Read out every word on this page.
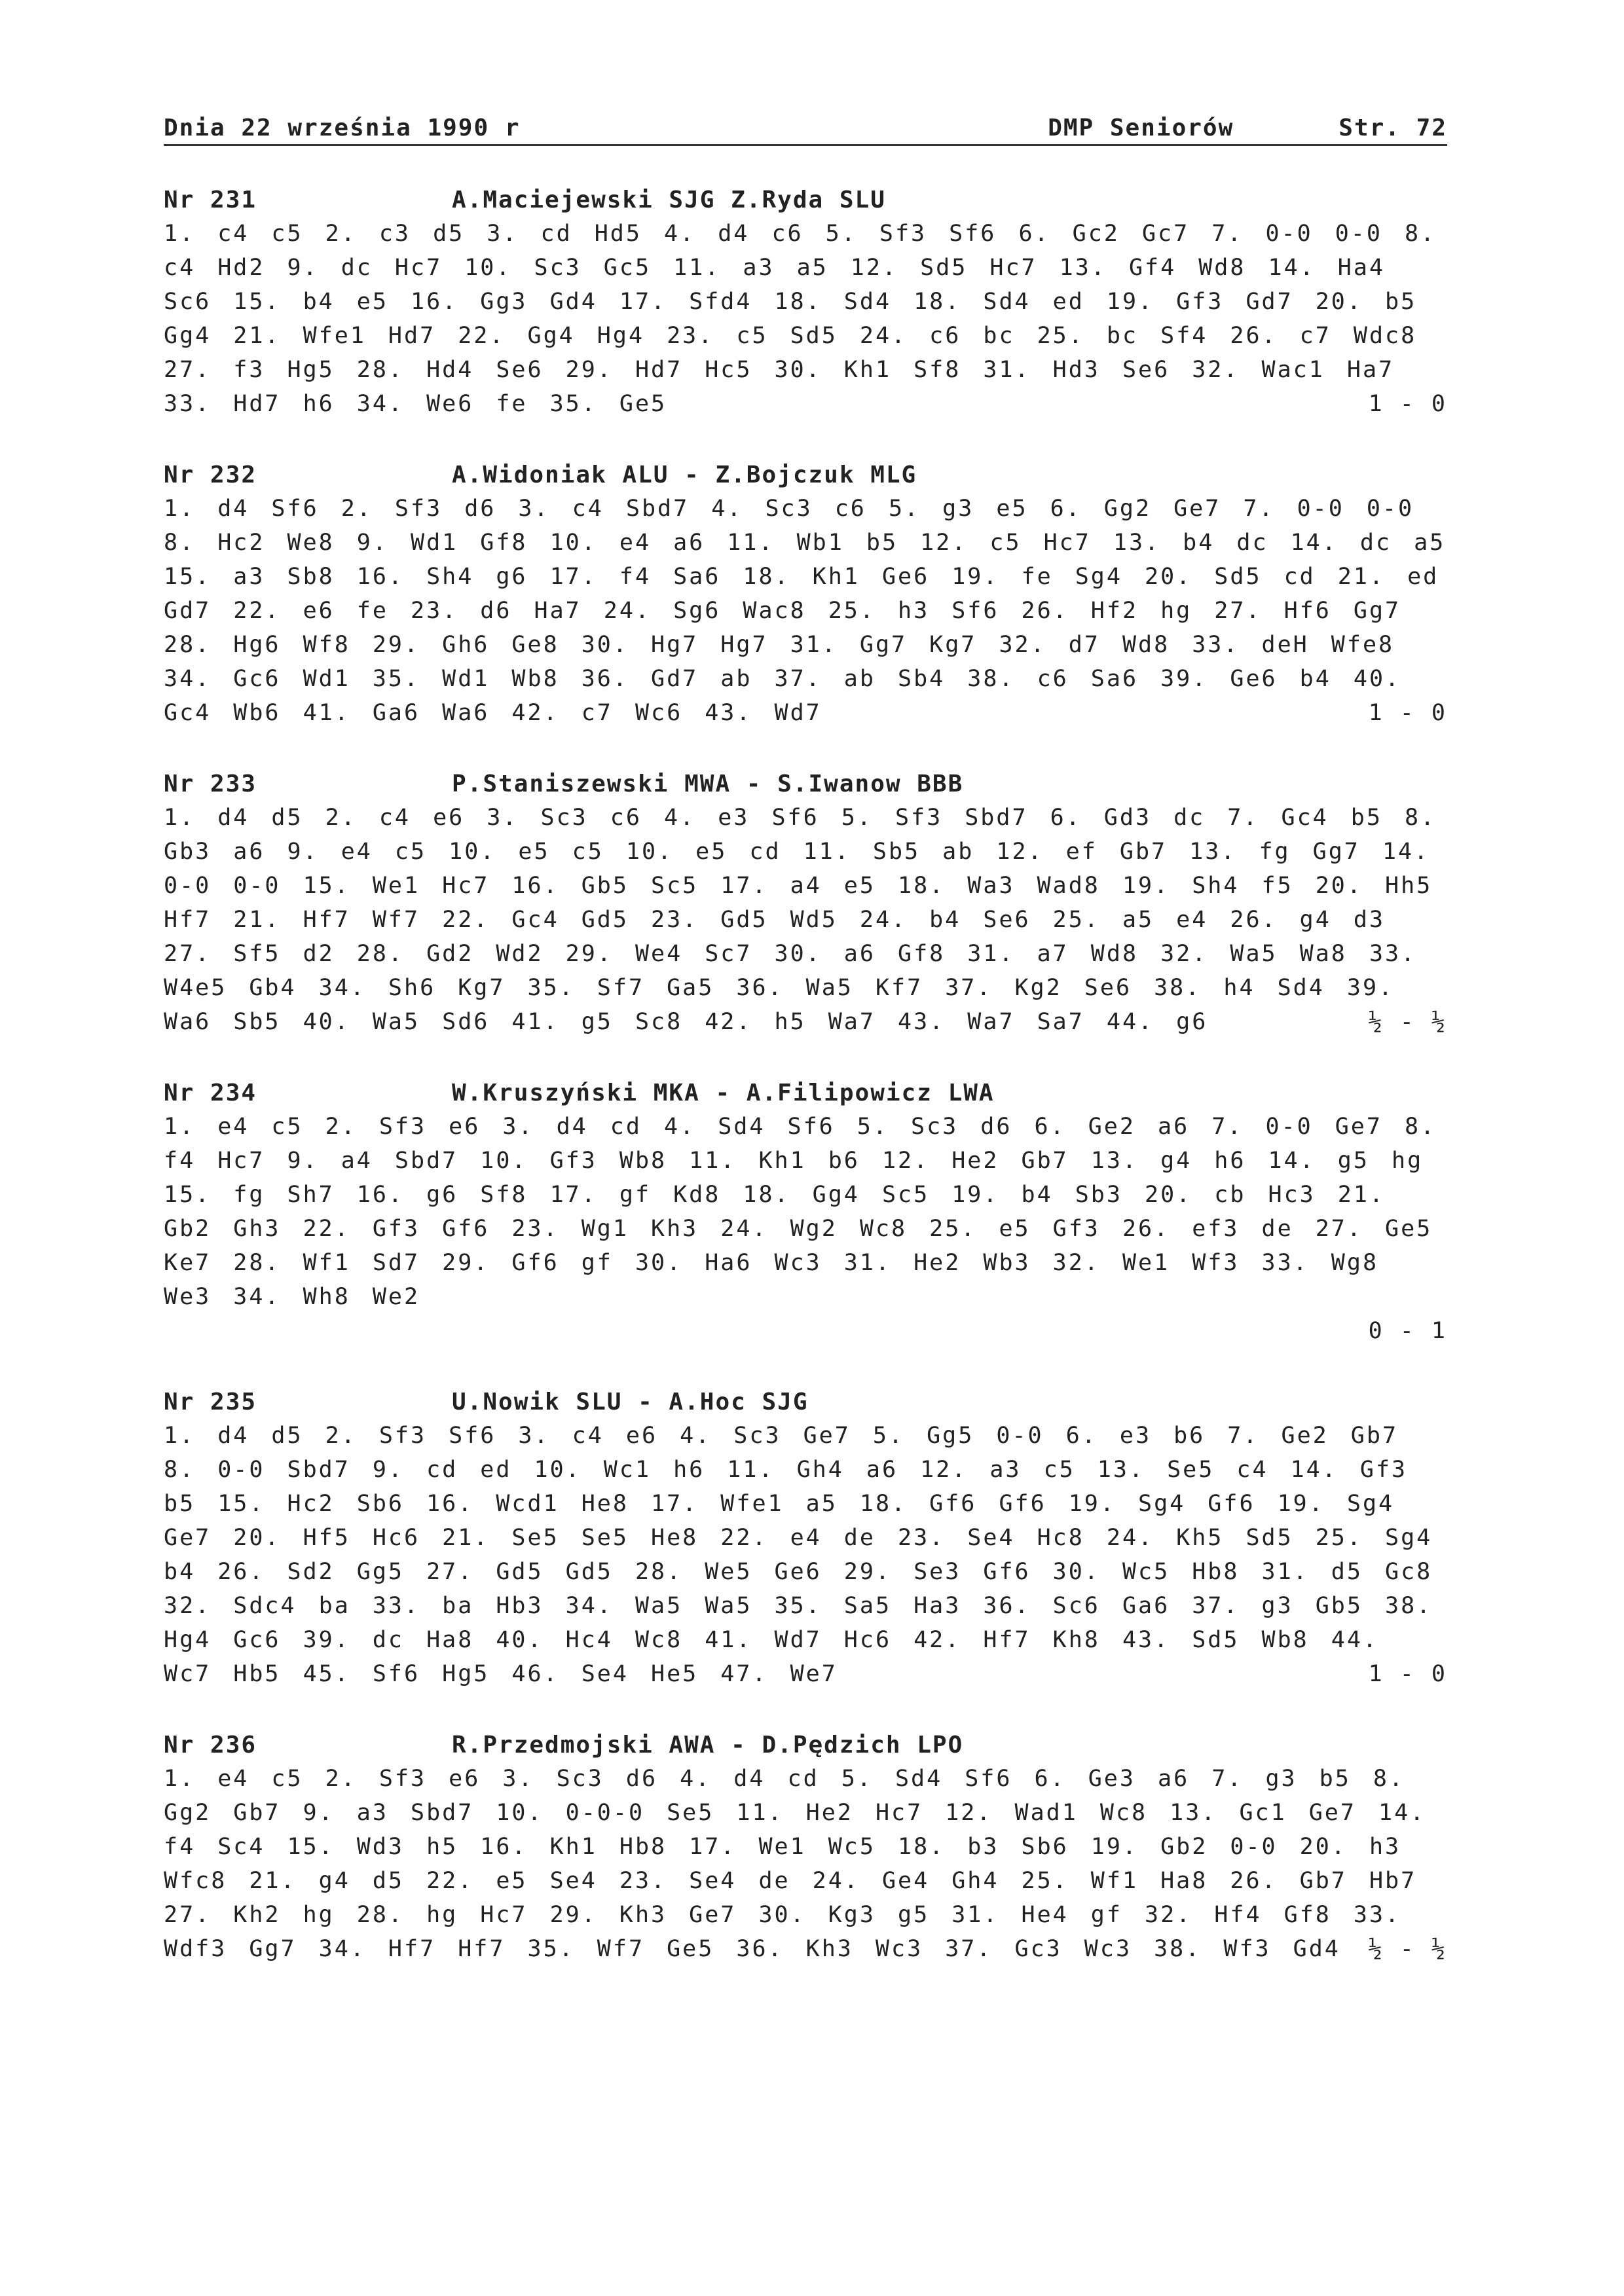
Dnia 22 września 1990 r	DMP Seniorów	Str. 72
Nr 231	A.Maciejewski SJG Z.Ryda SLU

1. c4 c5 2. c3 d5 3. cd Hd5 4. d4 c6 5. Sf3 Sf6 6. Gc2 Gc7 7. 0-0 0-0 8. c4 Hd2 9. dc Hc7 10. Sc3 Gc5 11. a3 a5 12. Sd5 Hc7 13. Gf4 Wd8 14. Ha4 Sc6 15. b4 e5 16. Gg3 Gd4 17. Sfd4 18. Sd4 18. Sd4 ed 19. Gf3 Gd7 20. b5 Gg4 21. Wfe1 Hd7 22. Gg4 Hg4 23. c5 Sd5 24. c6 bc 25. bc Sf4 26. c7 Wdc8 27. f3 Hg5 28. Hd4 Se6 29. Hd7 Hc5 30. Kh1 Sf8 31. Hd3 Se6 32. Wac1 Ha7 33. Hd7 h6 34. We6 fe 35. Ge5	1 - 0
Nr 232	A.Widoniak ALU - Z.Bojczuk MLG

1. d4 Sf6 2. Sf3 d6 3. c4 Sbd7 4. Sc3 c6 5. g3 e5 6. Gg2 Ge7 7. 0-0 0-0 8. Hc2 We8 9. Wd1 Gf8 10. e4 a6 11. Wb1 b5 12. c5 Hc7 13. b4 dc 14. dc a5 15. a3 Sb8 16. Sh4 g6 17. f4 Sa6 18. Kh1 Ge6 19. fe Sg4 20. Sd5 cd 21. ed Gd7 22. e6 fe 23. d6 Ha7 24. Sg6 Wac8 25. h3 Sf6 26. Hf2 hg 27. Hf6 Gg7 28. Hg6 Wf8 29. Gh6 Ge8 30. Hg7 Hg7 31. Gg7 Kg7 32. d7 Wd8 33. deH Wfe8 34. Gc6 Wd1 35. Wd1 Wb8 36. Gd7 ab 37. ab Sb4 38. c6 Sa6 39. Ge6 b4 40. Gc4 Wb6 41. Ga6 Wa6 42. c7 Wc6 43. Wd7	1 - 0
Nr 233	P.Staniszewski MWA - S.Iwanow BBB

1. d4 d5 2. c4 e6 3. Sc3 c6 4. e3 Sf6 5. Sf3 Sbd7 6. Gd3 dc 7. Gc4 b5 8. Gb3 a6 9. e4 c5 10. e5 c5 10. e5 cd 11. Sb5 ab 12. ef Gb7 13. fg Gg7 14. 0-0 0-0 15. We1 Hc7 16. Gb5 Sc5 17. a4 e5 18. Wa3 Wad8 19. Sh4 f5 20. Hh5 Hf7 21. Hf7 Wf7 22. Gc4 Gd5 23. Gd5 Wd5 24. b4 Se6 25. a5 e4 26. g4 d3 27. Sf5 d2 28. Gd2 Wd2 29. We4 Sc7 30. a6 Gf8 31. a7 Wd8 32. Wa5 Wa8 33. W4e5 Gb4 34. Sh6 Kg7 35. Sf7 Ga5 36. Wa5 Kf7 37. Kg2 Se6 38. h4 Sd4 39. Wa6 Sb5 40. Wa5 Sd6 41. g5 Sc8 42. h5 Wa7 43. Wa7 Sa7 44. g6	½ - ½
Nr 234	W.Kruszyński MKA - A.Filipowicz LWA

1. e4 c5 2. Sf3 e6 3. d4 cd 4. Sd4 Sf6 5. Sc3 d6 6. Ge2 a6 7. 0-0 Ge7 8. f4 Hc7 9. a4 Sbd7 10. Gf3 Wb8 11. Kh1 b6 12. He2 Gb7 13. g4 h6 14. g5 hg 15. fg Sh7 16. g6 Sf8 17. gf Kd8 18. Gg4 Sc5 19. b4 Sb3 20. cb Hc3 21. Gb2 Gh3 22. Gf3 Gf6 23. Wg1 Kh3 24. Wg2 Wc8 25. e5 Gf3 26. ef3 de 27. Ge5 Ke7 28. Wf1 Sd7 29. Gf6 gf 30. Ha6 Wc3 31. He2 Wb3 32. We1 Wf3 33. Wg8 We3 34. Wh8 We2

0 - 1
Nr 235	U.Nowik SLU - A.Hoc SJG

1. d4 d5 2. Sf3 Sf6 3. c4 e6 4. Sc3 Ge7 5. Gg5 0-0 6. e3 b6 7. Ge2 Gb7 8. 0-0 Sbd7 9. cd ed 10. Wc1 h6 11. Gh4 a6 12. a3 c5 13. Se5 c4 14. Gf3 b5 15. Hc2 Sb6 16. Wcd1 He8 17. Wfe1 a5 18. Gf6 Gf6 19. Sg4 Gf6 19. Sg4 Ge7 20. Hf5 Hc6 21. Se5 Se5 He8 22. e4 de 23. Se4 Hc8 24. Kh5 Sd5 25. Sg4 b4 26. Sd2 Gg5 27. Gd5 Gd5 28. We5 Ge6 29. Se3 Gf6 30. Wc5 Hb8 31. d5 Gc8 32. Sdc4 ba 33. ba Hb3 34. Wa5 Wa5 35. Sa5 Ha3 36. Sc6 Ga6 37. g3 Gb5 38. Hg4 Gc6 39. dc Ha8 40. Hc4 Wc8 41. Wd7 Hc6 42. Hf7 Kh8 43. Sd5 Wb8 44. Wc7 Hb5 45. Sf6 Hg5 46. Se4 He5 47. We7	1 - 0
Nr 236	R.Przedmojski AWA - D.Pędzich LPO

1. e4 c5 2. Sf3 e6 3. Sc3 d6 4. d4 cd 5. Sd4 Sf6 6. Ge3 a6 7. g3 b5 8. Gg2 Gb7 9. a3 Sbd7 10. 0-0-0 Se5 11. He2 Hc7 12. Wad1 Wc8 13. Gc1 Ge7 14. f4 Sc4 15. Wd3 h5 16. Kh1 Hb8 17. We1 Wc5 18. b3 Sb6 19. Gb2 0-0 20. h3 Wfc8 21. g4 d5 22. e5 Se4 23. Se4 de 24. Ge4 Gh4 25. Wf1 Ha8 26. Gb7 Hb7 27. Kh2 hg 28. hg Hc7 29. Kh3 Ge7 30. Kg3 g5 31. He4 gf 32. Hf4 Gf8 33. Wdf3 Gg7 34. Hf7 Hf7 35. Wf7 Ge5 36. Kh3 Wc3 37. Gc3 Wc3 38. Wf3 Gd4	½ - ½
